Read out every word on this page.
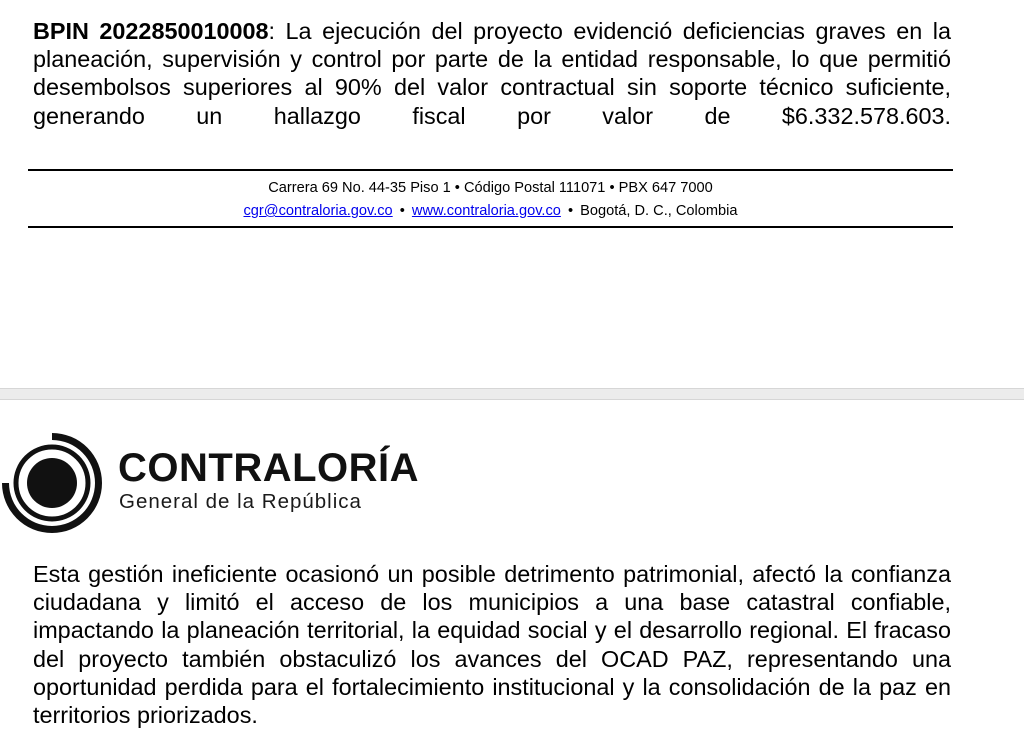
BPIN 2022850010008: La ejecución del proyecto evidenció deficiencias graves en la planeación, supervisión y control por parte de la entidad responsable, lo que permitió desembolsos superiores al 90% del valor contractual sin soporte técnico suficiente, generando un hallazgo fiscal por valor de $6.332.578.603.

Carrera 69 No. 44-35 Piso 1 • Código Postal 111071 • PBX 647 7000
cgr@contraloria.gov.co • www.contraloria.gov.co • Bogotá, D. C., Colombia
CONTRALORÍA
General de la República

Esta gestión ineficiente ocasionó un posible detrimento patrimonial, afectó la confianza ciudadana y limitó el acceso de los municipios a una base catastral confiable, impactando la planeación territorial, la equidad social y el desarrollo regional. El fracaso del proyecto también obstaculizó los avances del OCAD PAZ, representando una oportunidad perdida para el fortalecimiento institucional y la consolidación de la paz en territorios priorizados.
